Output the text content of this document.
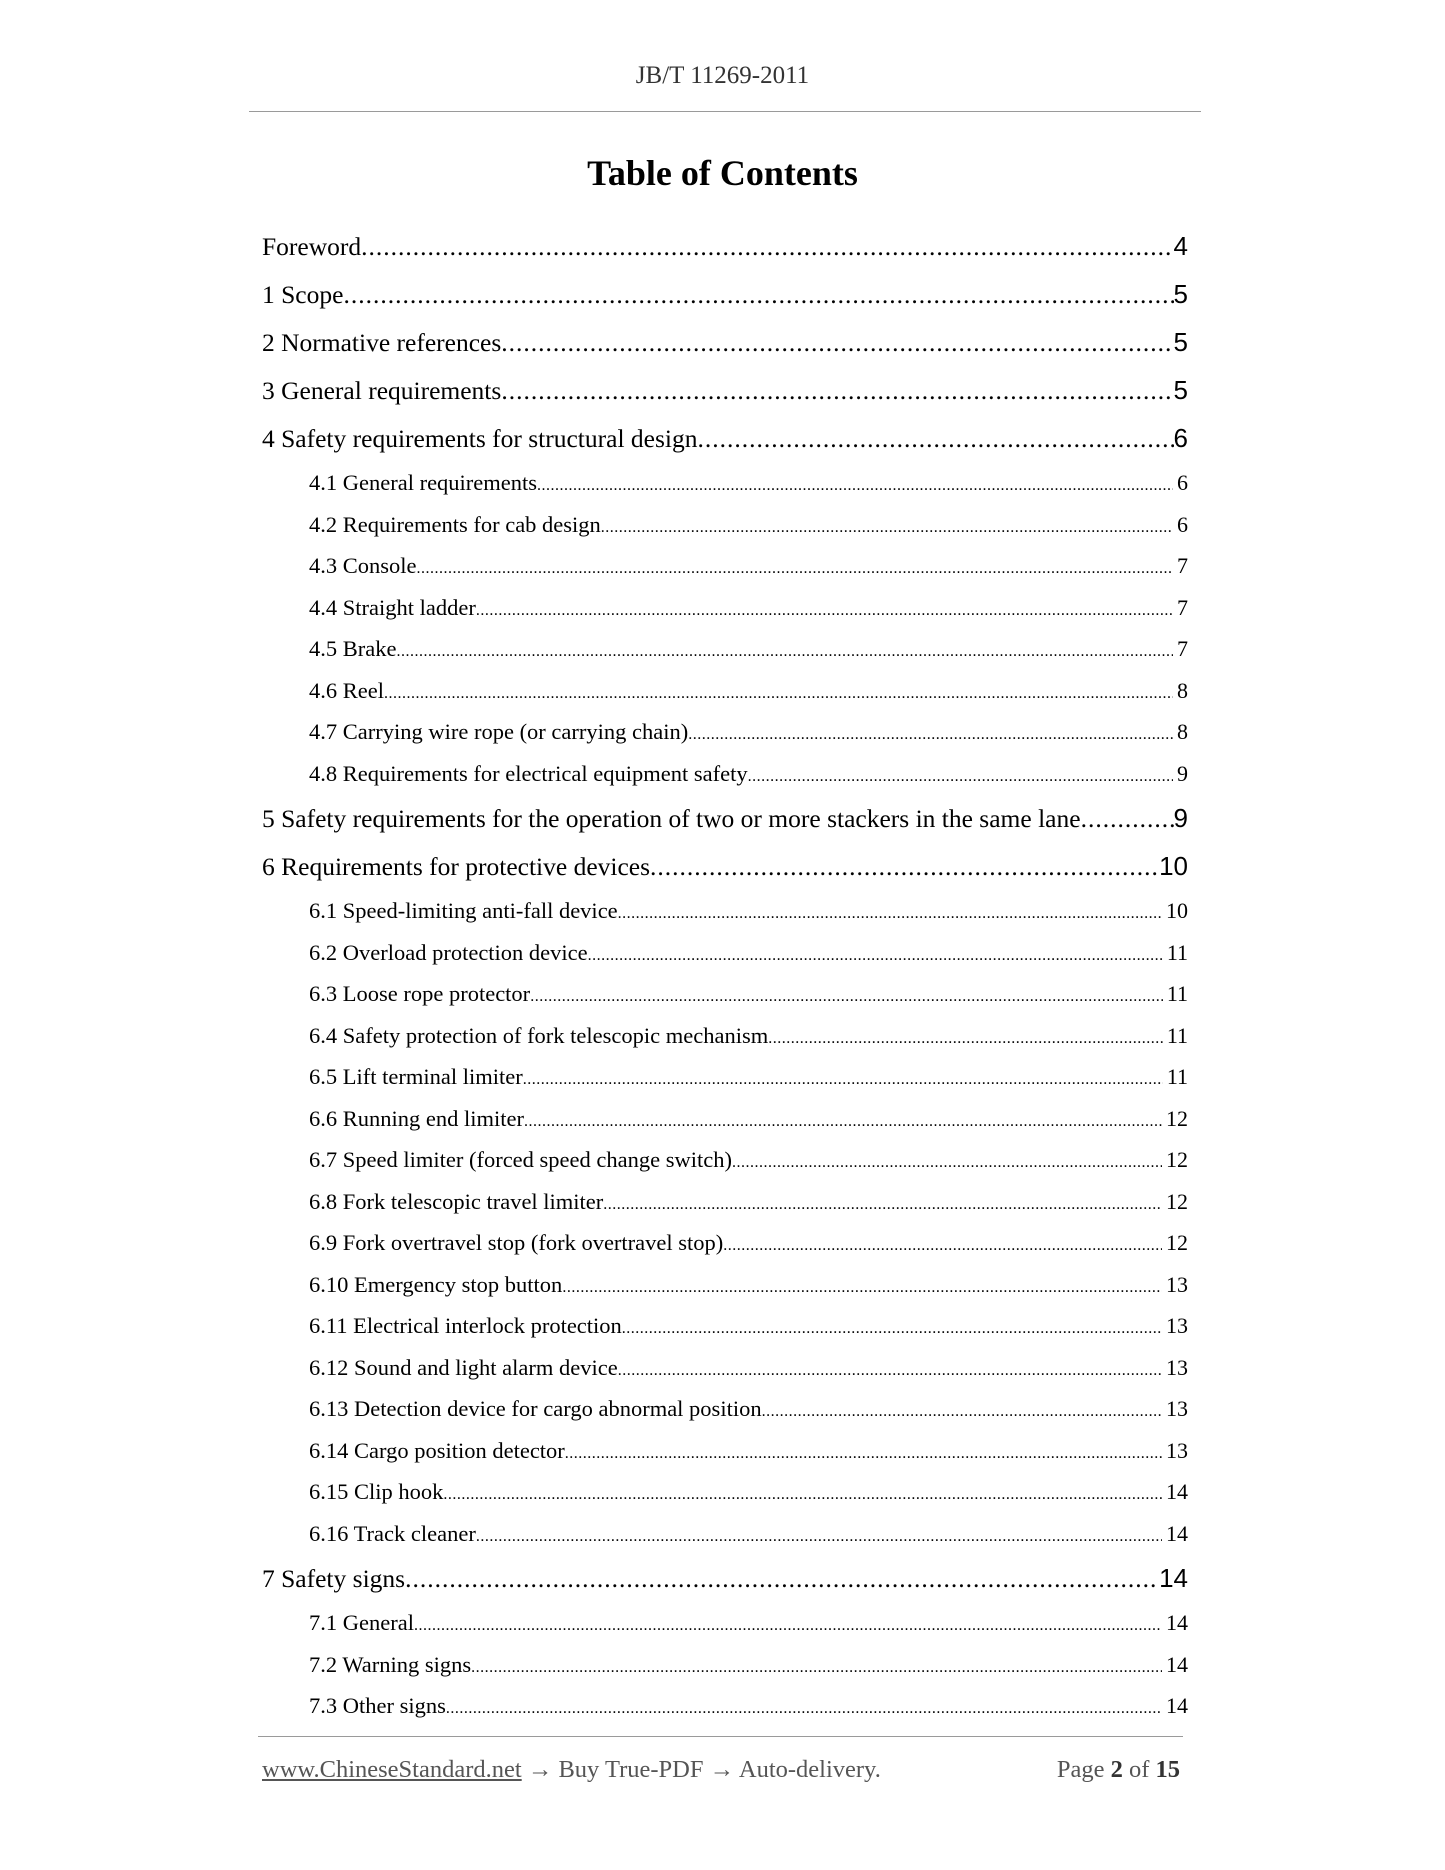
JB/T 11269-2011
Table of Contents
Foreword .....	4
1 Scope .....	5
2 Normative references .....	5
3 General requirements .....	5
4 Safety requirements for structural design .....	6
4.1 General requirements .....	6
4.2 Requirements for cab design .....	6
4.3 Console .....	7
4.4 Straight ladder .....	7
4.5 Brake .....	7
4.6 Reel .....	8
4.7 Carrying wire rope (or carrying chain) .....	8
4.8 Requirements for electrical equipment safety .....	9
5 Safety requirements for the operation of two or more stackers in the same lane .....	9
6 Requirements for protective devices .....	10
6.1 Speed-limiting anti-fall device .....	10
6.2 Overload protection device .....	11
6.3 Loose rope protector .....	11
6.4 Safety protection of fork telescopic mechanism .....	11
6.5 Lift terminal limiter .....	11
6.6 Running end limiter .....	12
6.7 Speed limiter (forced speed change switch) .....	12
6.8 Fork telescopic travel limiter .....	12
6.9 Fork overtravel stop (fork overtravel stop) .....	12
6.10 Emergency stop button .....	13
6.11 Electrical interlock protection .....	13
6.12 Sound and light alarm device .....	13
6.13 Detection device for cargo abnormal position .....	13
6.14 Cargo position detector .....	13
6.15 Clip hook .....	14
6.16 Track cleaner .....	14
7 Safety signs .....	14
7.1 General .....	14
7.2 Warning signs .....	14
7.3 Other signs .....	14
www.ChineseStandard.net → Buy True-PDF → Auto-delivery.	Page 2 of 15
